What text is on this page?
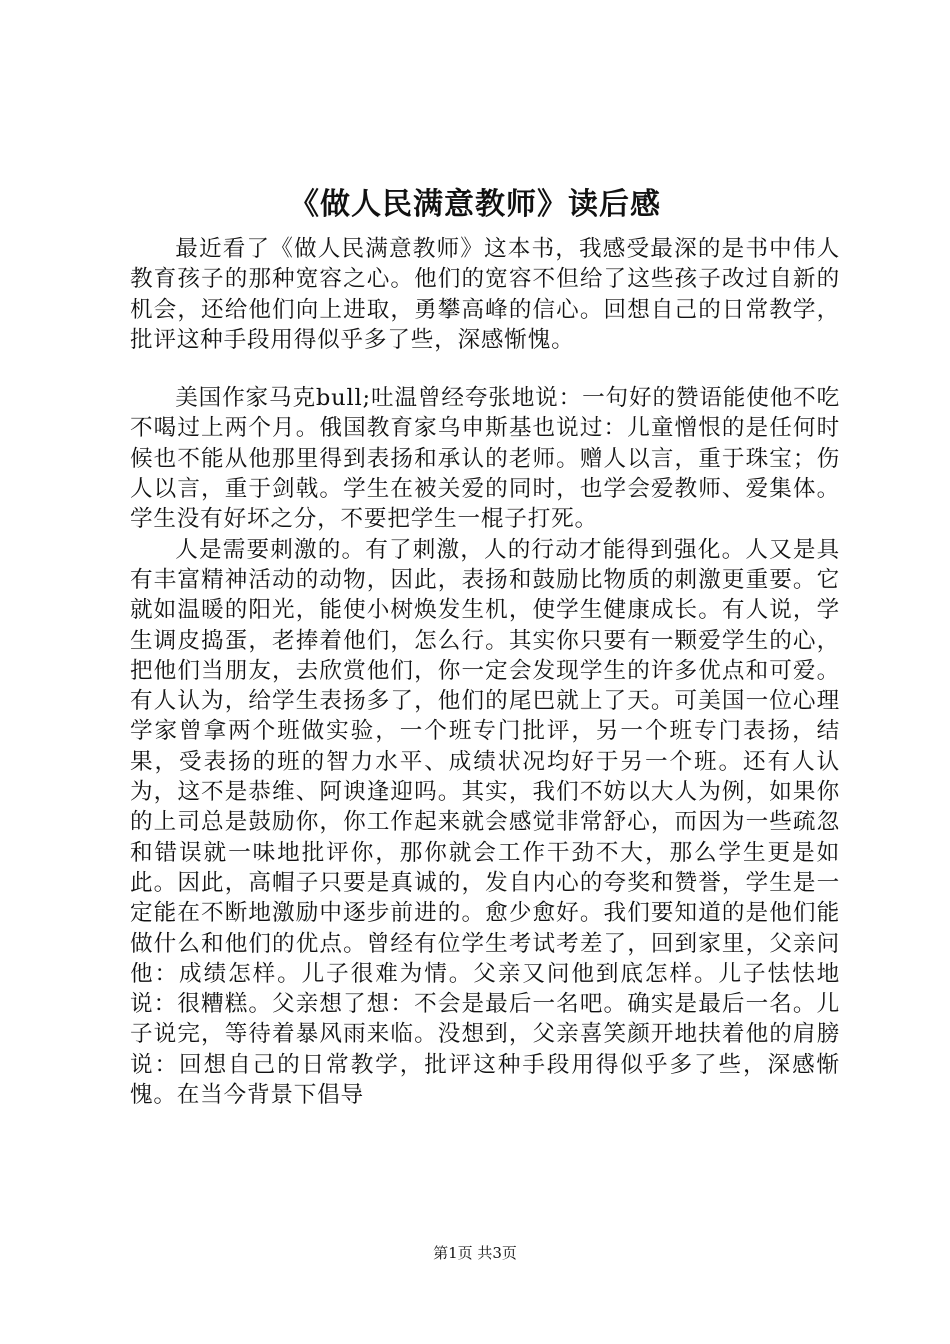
《做人民满意教师》读后感

最近看了《做人民满意教师》这本书，我感受最深的是书中伟人教育孩子的那种宽容之心。他们的宽容不但给了这些孩子改过自新的机会，还给他们向上进取，勇攀高峰的信心。回想自己的日常教学，批评这种手段用得似乎多了些，深感惭愧。

美国作家马克bull;吐温曾经夸张地说：一句好的赞语能使他不吃不喝过上两个月。俄国教育家乌申斯基也说过：儿童憎恨的是任何时候也不能从他那里得到表扬和承认的老师。赠人以言，重于珠宝；伤人以言，重于剑戟。学生在被关爱的同时，也学会爱教师、爱集体。学生没有好坏之分，不要把学生一棍子打死。

人是需要刺激的。有了刺激，人的行动才能得到强化。人又是具有丰富精神活动的动物，因此，表扬和鼓励比物质的刺激更重要。它就如温暖的阳光，能使小树焕发生机，使学生健康成长。有人说，学生调皮捣蛋，老捧着他们，怎么行。其实你只要有一颗爱学生的心，把他们当朋友，去欣赏他们，你一定会发现学生的许多优点和可爱。有人认为，给学生表扬多了，他们的尾巴就上了天。可美国一位心理学家曾拿两个班做实验，一个班专门批评，另一个班专门表扬，结果，受表扬的班的智力水平、成绩状况均好于另一个班。还有人认为，这不是恭维、阿谀逢迎吗。其实，我们不妨以大人为例，如果你的上司总是鼓励你，你工作起来就会感觉非常舒心，而因为一些疏忽和错误就一味地批评你，那你就会工作干劲不大，那么学生更是如此。因此，高帽子只要是真诚的，发自内心的夸奖和赞誉，学生是一定能在不断地激励中逐步前进的。愈少愈好。我们要知道的是他们能做什么和他们的优点。曾经有位学生考试考差了，回到家里，父亲问他：成绩怎样。儿子很难为情。父亲又问他到底怎样。儿子怯怯地说：很糟糕。父亲想了想：不会是最后一名吧。确实是最后一名。儿子说完，等待着暴风雨来临。没想到，父亲喜笑颜开地扶着他的肩膀说：回想自己的日常教学，批评这种手段用得似乎多了些，深感惭愧。在当今背景下倡导

第1页 共3页
